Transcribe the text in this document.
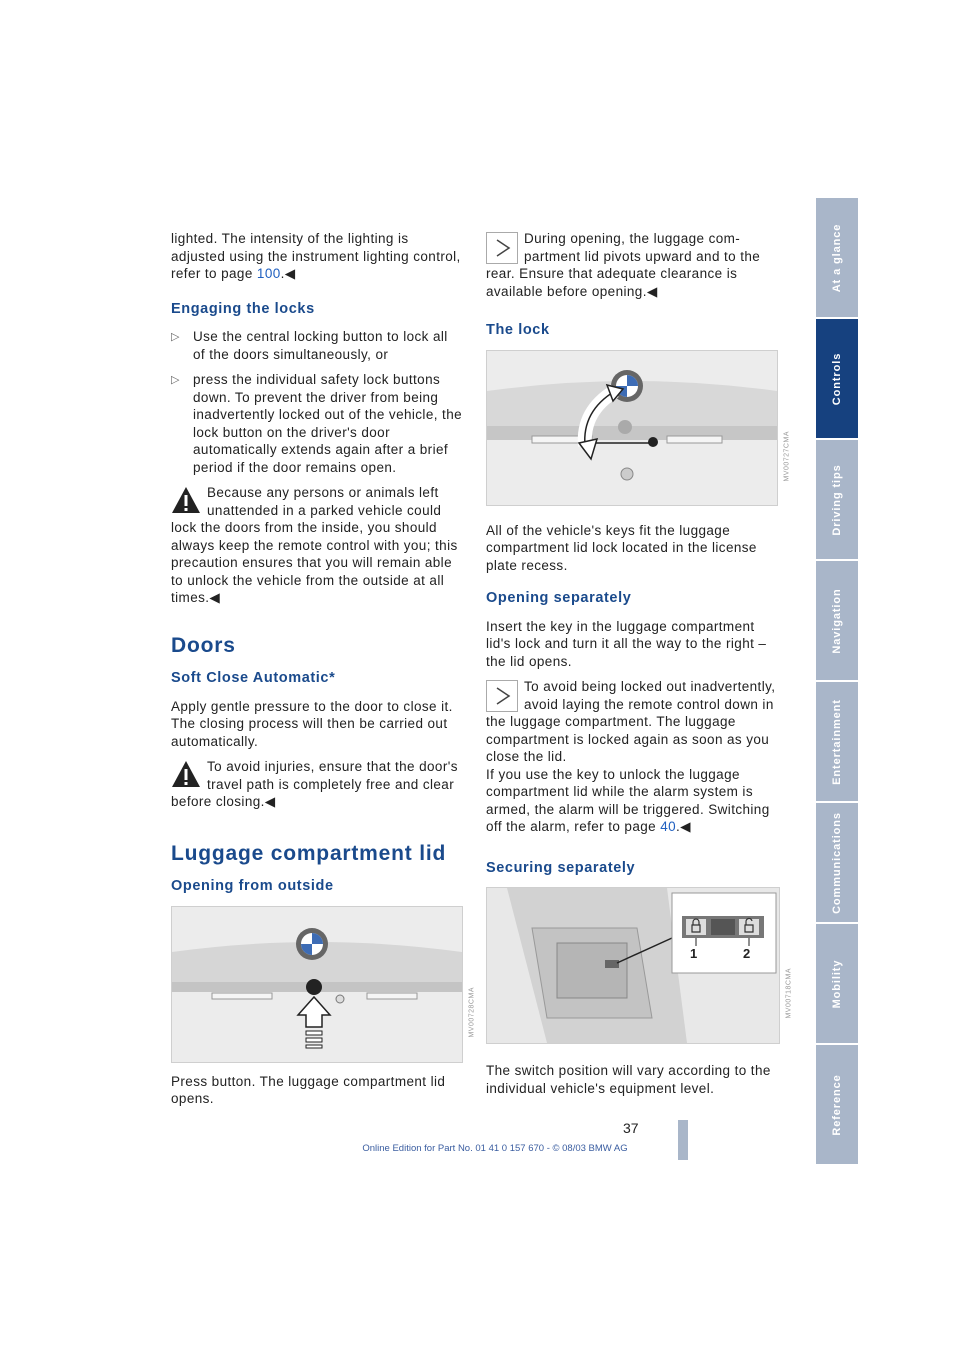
lighted. The intensity of the lighting is adjusted using the instrument lighting control, refer to page 100.◀

Engaging the locks
▷ Use the central locking button to lock all of the doors simultaneously, or
▷ press the individual safety lock buttons down. To prevent the driver from being inadvertently locked out of the vehicle, the lock button on the driver's door automatically extends again after a brief period if the door remains open.
Because any persons or animals left unattended in a parked vehicle could lock the doors from the inside, you should always keep the remote control with you; this precaution ensures that you will remain able to unlock the vehicle from the outside at all times.◀
Doors
Soft Close Automatic*

Apply gentle pressure to the door to close it. The closing process will then be carried out automatically.

To avoid injuries, ensure that the door's travel path is completely free and clear before closing.◀
Luggage compartment lid
Opening from outside
MV00728CMA

Press button. The luggage compartment lid opens.

During opening, the luggage compartment lid pivots upward and to the rear. Ensure that adequate clearance is available before opening.◀
The lock
MV00727CMA

All of the vehicle's keys fit the luggage compartment lid lock located in the license plate recess.

Opening separately

Insert the key in the luggage compartment lid's lock and turn it all the way to the right – the lid opens.

To avoid being locked out inadvertently, avoid laying the remote control down in the luggage compartment. The luggage compartment is locked again as soon as you close the lid.
If you use the key to unlock the luggage compartment lid while the alarm system is armed, the alarm will be triggered. Switching off the alarm, refer to page 40.◀
Securing separately
1	2
MV00718CMA

The switch position will vary according to the individual vehicle's equipment level.

At a glance
Controls
Driving tips
Navigation
Entertainment
Communications
Mobility
Reference
37
Online Edition for Part No. 01 41 0 157 670 - © 08/03 BMW AG
